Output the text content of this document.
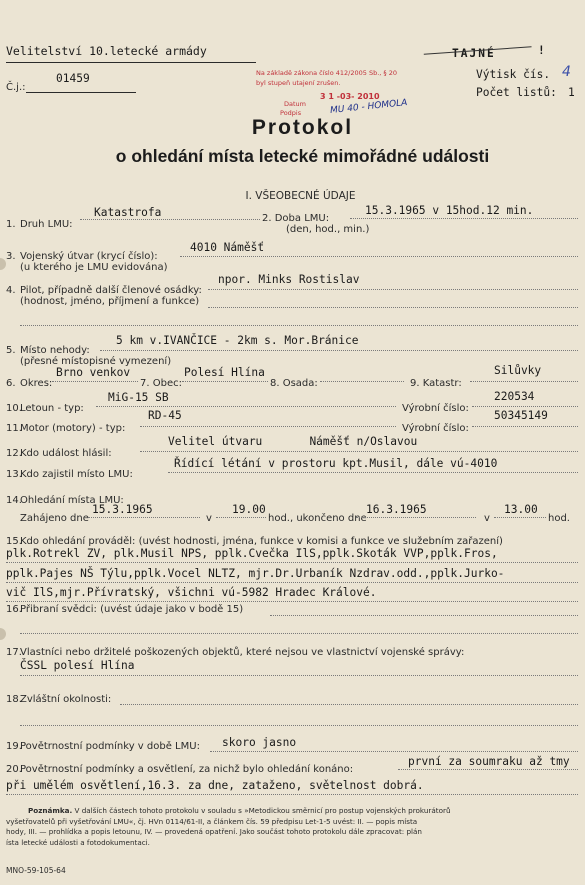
Velitelství 10.letecké armády
Č.j.:
01459
TAJNÉ	!
Výtisk čís. 4
Počet listů: 1
Na základě zákona číslo 412/2005 Sb., § 20
byl stupeň utajení zrušen.
3 1 -03- 2010
Datum
Podpis	MU 40 - HOMOLA
Protokol
o ohledání místa letecké mimořádné události
I. VŠEOBECNÉ ÚDAJE
1. Druh LMU:
Katastrofa	2. Doba LMU:
(den, hod., min.)
15.3.1965 v 15hod.12 min.
3. Vojenský útvar (krycí číslo):
(u kterého je LMU evidována)
4010 Náměšť
4. Pilot, případně další členové osádky:
(hodnost, jméno, příjmení a funkce)
npor. Minks Rostislav
5. Místo nehody:
(přesné místopisné vymezení)
5 km v.IVANČICE - 2km s. Mor.Bránice
6. Okres:
Brno venkov
7. Obec:
Polesí Hlína
8. Osada:	9. Katastr:
Silůvky
10.
Letoun - typ:
MiG-15 SB
Výrobní číslo:
220534
11.
Motor (motory) - typ:
RD-45
Výrobní číslo:
50345149
12.
Kdo událost hlásil:
Velitel útvaru       Náměšť n/Oslavou
13.
Kdo zajistil místo LMU:
Řídící létání v prostoru kpt.Musil, dále vú-4010
14.
Ohledání místa LMU:
Zahájeno dne
15.3.1965
v
19.00
hod., ukončeno dne
16.3.1965
v
13.00
hod.
15.
Kdo ohledání prováděl: (uvést hodnosti, jména, funkce v komisi a funkce ve služebním zařazení)
plk.Rotrekl ZV, plk.Musil NPS, pplk.Cvečka IlS,pplk.Skoták VVP,pplk.Fros,
pplk.Pajes NŠ Týlu,pplk.Vocel NLTZ, mjr.Dr.Urbaník Nzdrav.odd.,pplk.Jurko-
vič IlS,mjr.Přívratský, všichni vú-5982 Hradec Králové.
16.
Přibraní svědci: (uvést údaje jako v bodě 15)
17.
Vlastníci nebo držitelé poškozených objektů, které nejsou ve vlastnictví vojenské správy:
ČSSL polesí Hlína
18.
Zvláštní okolnosti:
19.
Povětrnostní podmínky v době LMU: skoro jasno
20.
Povětrnostní podmínky a osvětlení, za nichž bylo ohledání konáno:
první za soumraku až tmy
při umělém osvětlení,16.3. za dne, zataženo, světelnost dobrá.
Poznámka. V dalších částech tohoto protokolu v souladu s »Metodickou směrnicí pro postup vojenských prokurátorů
vyšetřovatelů při vyšetřování LMU«, čj. HVn 0114/61-II, a článkem čís. 59 předpisu Let-1-5 uvést: II. — popis místa
hody, III. — prohlídka a popis letounu, IV. — provedená opatření. Jako součást tohoto protokolu dále zpracovat: plán
ísta letecké události a fotodokumentaci.
MNO-59-105-64
